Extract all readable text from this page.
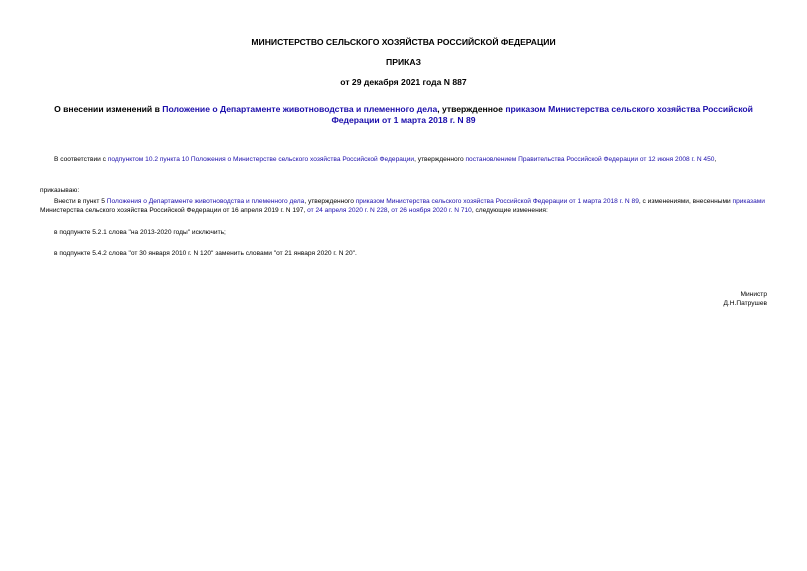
МИНИСТЕРСТВО СЕЛЬСКОГО ХОЗЯЙСТВА РОССИЙСКОЙ ФЕДЕРАЦИИ
ПРИКАЗ
от 29 декабря 2021 года N 887
О внесении изменений в Положение о Департаменте животноводства и племенного дела, утвержденное приказом Министерства сельского хозяйства Российской Федерации от 1 марта 2018 г. N 89
В соответствии с подпунктом 10.2 пункта 10 Положения о Министерстве сельского хозяйства Российской Федерации, утвержденного постановлением Правительства Российской Федерации от 12 июня 2008 г. N 450,
приказываю:
Внести в пункт 5 Положения о Департаменте животноводства и племенного дела, утвержденного приказом Министерства сельского хозяйства Российской Федерации от 1 марта 2018 г. N 89, с изменениями, внесенными приказами Министерства сельского хозяйства Российской Федерации от 16 апреля 2019 г. N 197, от 24 апреля 2020 г. N 228, от 26 ноября 2020 г. N 710, следующие изменения:
в подпункте 5.2.1 слова "на 2013-2020 годы" исключить;
в подпункте 5.4.2 слова "от 30 января 2010 г. N 120" заменить словами "от 21 января 2020 г. N 20".
Министр
Д.Н.Патрушев
